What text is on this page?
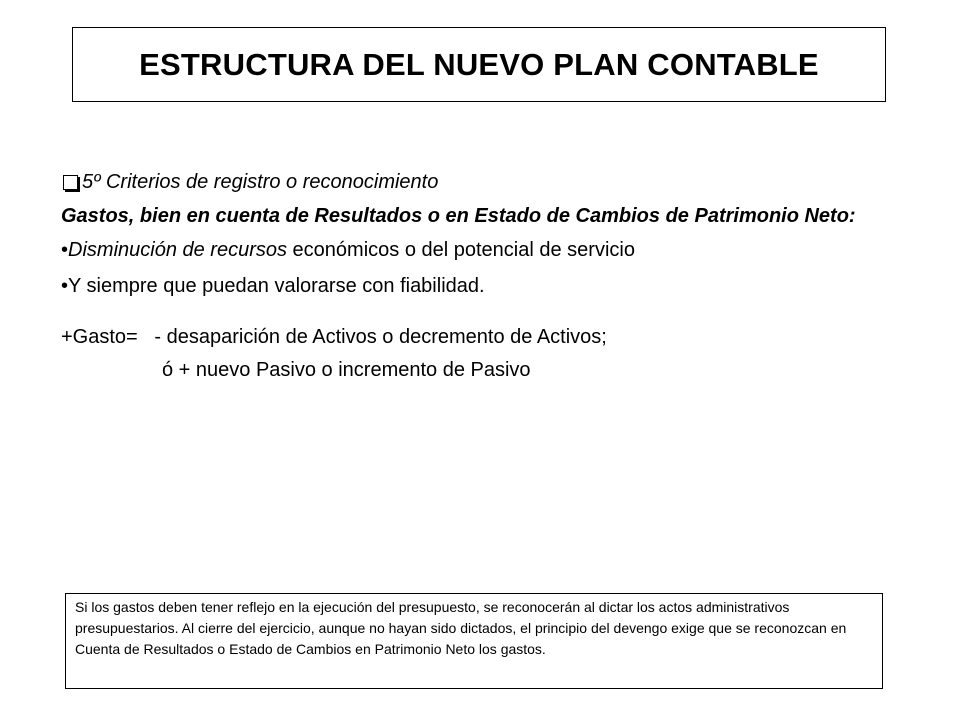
ESTRUCTURA DEL NUEVO PLAN CONTABLE

5º Criterios de registro o reconocimiento

Gastos, bien en cuenta de Resultados o en Estado de Cambios de Patrimonio Neto:

•Disminución de recursos económicos o del potencial de servicio

•Y siempre que puedan valorarse con fiabilidad.

+Gasto=   - desaparición de Activos o decremento de Activos;

ó + nuevo Pasivo o incremento de Pasivo

Si los gastos deben tener reflejo en la ejecución del presupuesto, se reconocerán al dictar los actos administrativos presupuestarios. Al cierre del ejercicio, aunque no hayan sido dictados, el principio del devengo exige que se reconozcan en Cuenta de Resultados o Estado de Cambios en Patrimonio Neto los gastos.
